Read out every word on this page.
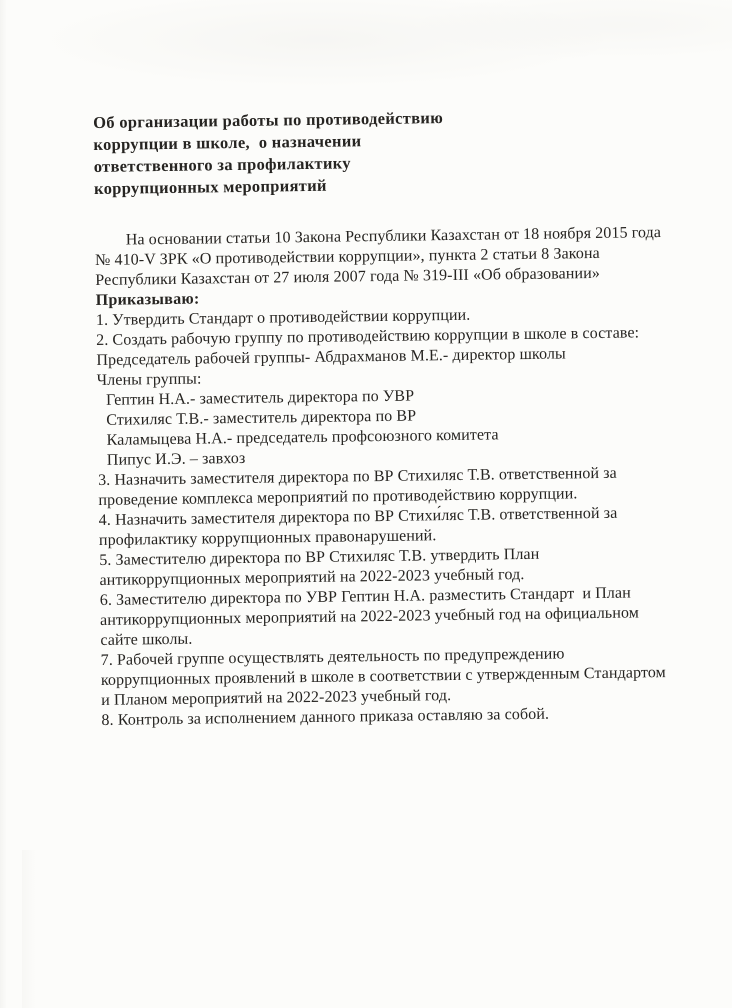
Об организации работы по противодействию
коррупции в школе,  о назначении
ответственного за профилактику
коррупционных мероприятий

На основании статьи 10 Закона Республики Казахстан от 18 ноября 2015 года

№ 410-V ЗРК «О противодействии коррупции», пункта 2 статьи 8 Закона

Республики Казахстан от 27 июля 2007 года № 319-III «Об образовании»

Приказываю:

1. Утвердить Стандарт о противодействии коррупции.

2. Создать рабочую группу по противодействию коррупции в школе в составе:

Председатель рабочей группы- Абдрахманов М.Е.- директор школы

Члены группы:

Гептин Н.А.- заместитель директора по УВР

Стихиляс Т.В.- заместитель директора по ВР

Каламыцева Н.А.- председатель профсоюзного комитета

Пипус И.Э. – завхоз

3. Назначить заместителя директора по ВР Стихиляс Т.В. ответственной за

проведение комплекса мероприятий по противодействию коррупции.

4. Назначить заместителя директора по ВР Стихи́ляс Т.В. ответственной за

профилактику коррупционных правонарушений.

5. Заместителю директора по ВР Стихиляс Т.В. утвердить План

антикоррупционных мероприятий на 2022-2023 учебный год.

6. Заместителю директора по УВР Гептин Н.А. разместить Стандарт  и План

антикоррупционных мероприятий на 2022-2023 учебный год на официальном

сайте школы.

7. Рабочей группе осуществлять деятельность по предупреждению

коррупционных проявлений в школе в соответствии с утвержденным Стандартом

и Планом мероприятий на 2022-2023 учебный год.

8. Контроль за исполнением данного приказа оставляю за собой.
